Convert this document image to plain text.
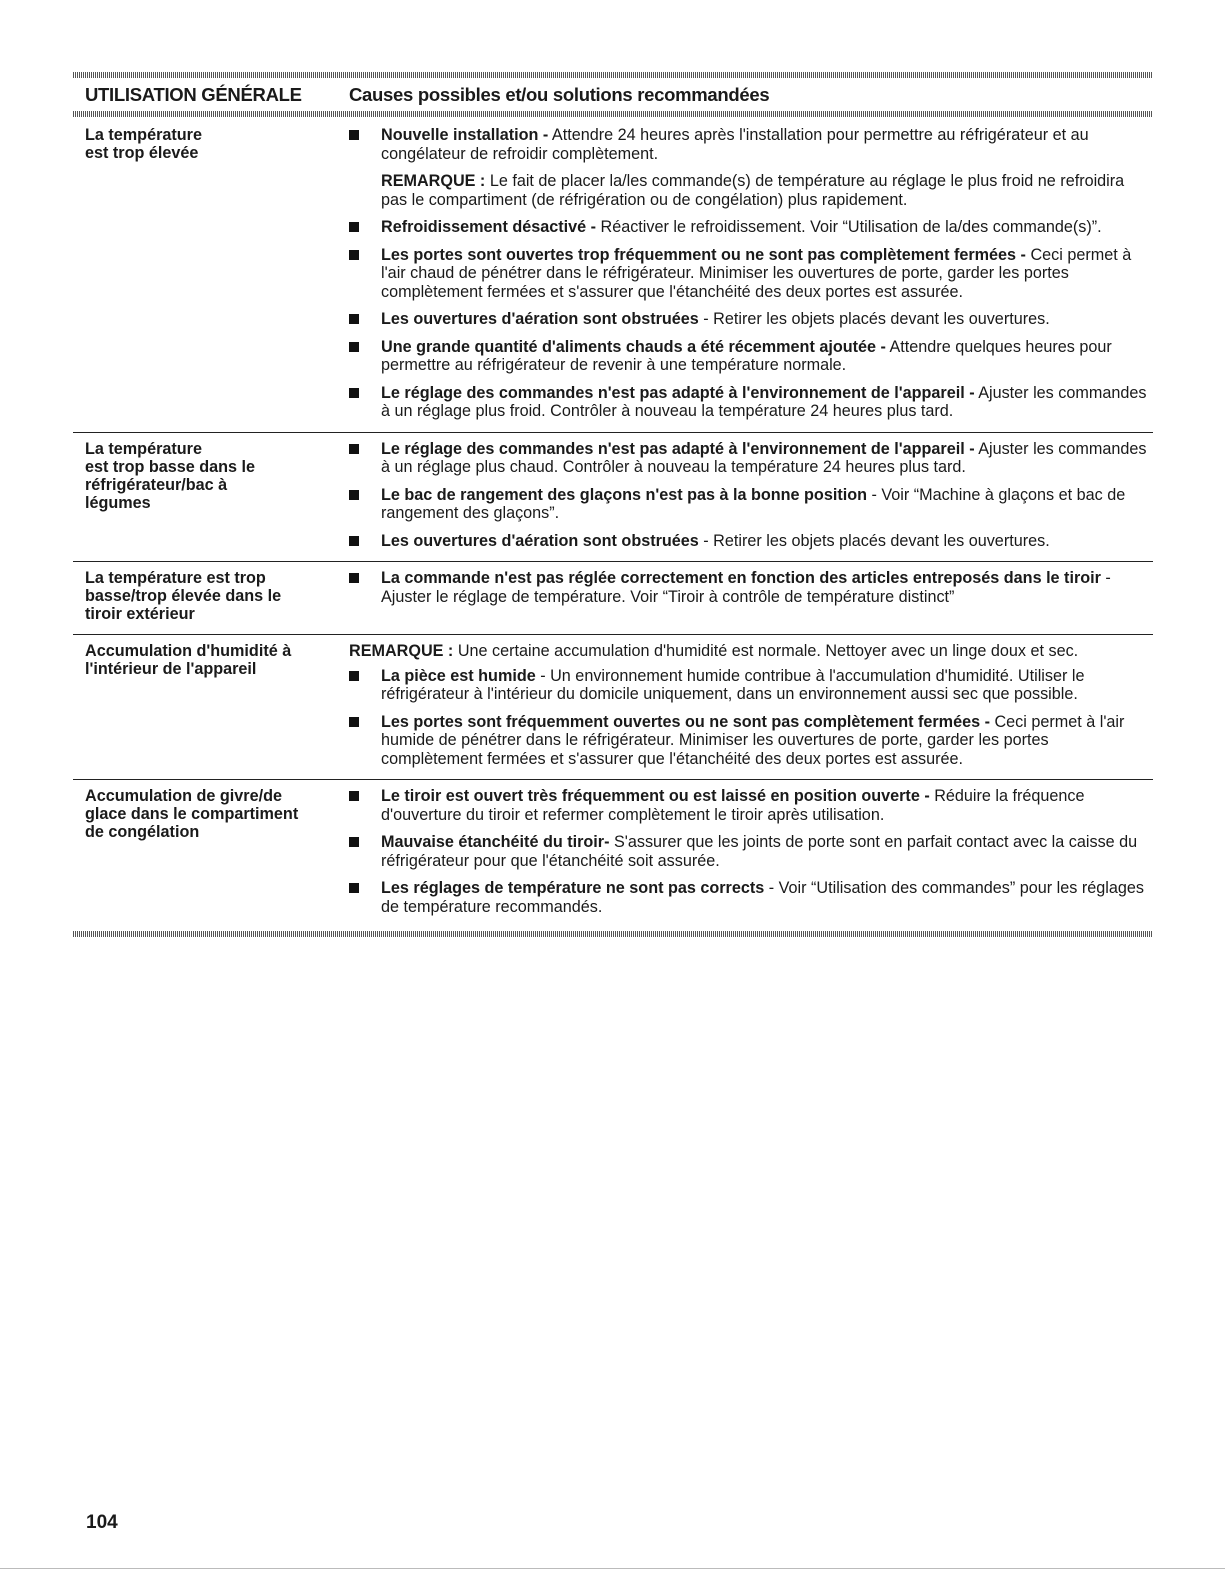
UTILISATION GÉNÉRALE	Causes possibles et/ou solutions recommandées
La température
est trop élevée
Nouvelle installation - Attendre 24 heures après l'installation pour permettre au réfrigérateur et au congélateur de refroidir complètement.
REMARQUE : Le fait de placer la/les commande(s) de température au réglage le plus froid ne refroidira pas le compartiment (de réfrigération ou de congélation) plus rapidement.
Refroidissement désactivé - Réactiver le refroidissement. Voir “Utilisation de la/des commande(s)”.
Les portes sont ouvertes trop fréquemment ou ne sont pas complètement fermées - Ceci permet à l'air chaud de pénétrer dans le réfrigérateur. Minimiser les ouvertures de porte, garder les portes complètement fermées et s'assurer que l'étanchéité des deux portes est assurée.
Les ouvertures d'aération sont obstruées - Retirer les objets placés devant les ouvertures.
Une grande quantité d'aliments chauds a été récemment ajoutée - Attendre quelques heures pour permettre au réfrigérateur de revenir à une température normale.
Le réglage des commandes n'est pas adapté à l'environnement de l'appareil - Ajuster les commandes à un réglage plus froid. Contrôler à nouveau la température 24 heures plus tard.
La température
est trop basse dans le
réfrigérateur/bac à
légumes
Le réglage des commandes n'est pas adapté à l'environnement de l'appareil - Ajuster les commandes à un réglage plus chaud. Contrôler à nouveau la température 24 heures plus tard.
Le bac de rangement des glaçons n'est pas à la bonne position - Voir “Machine à glaçons et bac de rangement des glaçons”.
Les ouvertures d'aération sont obstruées - Retirer les objets placés devant les ouvertures.
La température est trop
basse/trop élevée dans le
tiroir extérieur
La commande n'est pas réglée correctement en fonction des articles entreposés dans le tiroir - Ajuster le réglage de température. Voir “Tiroir à contrôle de température distinct”
Accumulation d'humidité à
l'intérieur de l'appareil
REMARQUE : Une certaine accumulation d'humidité est normale. Nettoyer avec un linge doux et sec.
La pièce est humide - Un environnement humide contribue à l'accumulation d'humidité. Utiliser le réfrigérateur à l'intérieur du domicile uniquement, dans un environnement aussi sec que possible.
Les portes sont fréquemment ouvertes ou ne sont pas complètement fermées - Ceci permet à l'air humide de pénétrer dans le réfrigérateur. Minimiser les ouvertures de porte, garder les portes complètement fermées et s'assurer que l'étanchéité des deux portes est assurée.
Accumulation de givre/de
glace dans le compartiment
de congélation
Le tiroir est ouvert très fréquemment ou est laissé en position ouverte - Réduire la fréquence d'ouverture du tiroir et refermer complètement le tiroir après utilisation.
Mauvaise étanchéité du tiroir- S'assurer que les joints de porte sont en parfait contact avec la caisse du réfrigérateur pour que l'étanchéité soit assurée.
Les réglages de température ne sont pas corrects - Voir “Utilisation des commandes” pour les réglages de température recommandés.
104
